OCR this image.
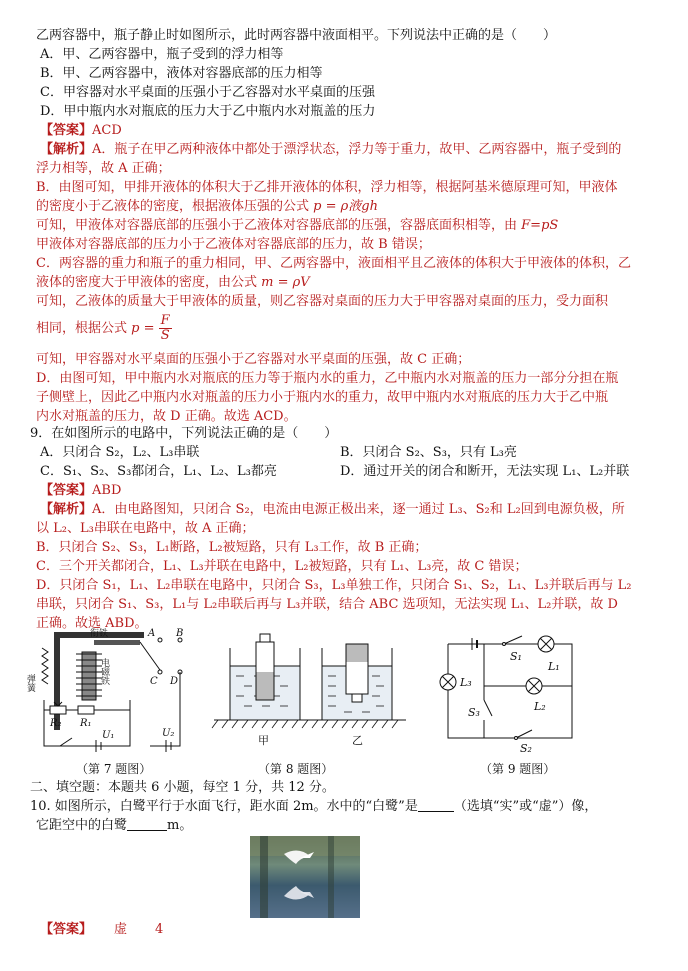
乙两容器中，瓶子静止时如图所示，此时两容器中液面相平。下列说法中正确的是（　　）
A．甲、乙两容器中，瓶子受到的浮力相等
B．甲、乙两容器中，液体对容器底部的压力相等
C．甲容器对水平桌面的压强小于乙容器对水平桌面的压强
D．甲中瓶内水对瓶底的压力大于乙中瓶内水对瓶盖的压力
【答案】ACD
【解析】A．瓶子在甲乙两种液体中都处于漂浮状态，浮力等于重力，故甲、乙两容器中，瓶子受到的
浮力相等，故 A 正确；
B．由图可知，甲排开液体的体积大于乙排开液体的体积，浮力相等，根据阿基米德原理可知，甲液体
的密度小于乙液体的密度，根据液体压强的公式 p = ρ液gh
可知，甲液体对容器底部的压强小于乙液体对容器底部的压强，容器底面积相等，由 F=pS
甲液体对容器底部的压力小于乙液体对容器底部的压力，故 B 错误；
C．两容器的重力和瓶子的重力相同，甲、乙两容器中，液面相平且乙液体的体积大于甲液体的体积，乙
液体的密度大于甲液体的密度，由公式 m = ρV
可知，乙液体的质量大于甲液体的质量，则乙容器对桌面的压力大于甲容器对桌面的压力，受力面积
相同，根据公式 $p = \frac{F}{S}$
可知，甲容器对水平桌面的压强小于乙容器对水平桌面的压强，故 C 正确；
D．由图可知，甲中瓶内水对瓶底的压力等于瓶内水的重力，乙中瓶内水对瓶盖的压力一部分分担在瓶
子侧壁上，因此乙中瓶内水对瓶盖的压力小于瓶内水的重力，故甲中瓶内水对瓶底的压力大于乙中瓶
内水对瓶盖的压力，故 D 正确。故选 ACD。
9．在如图所示的电路中，下列说法正确的是（　　）
A．只闭合 S₂，L₂、L₃串联	B．只闭合 S₂、S₃，只有 L₃亮
C．S₁、S₂、S₃都闭合，L₁、L₂、L₃都亮	D．通过开关的闭合和断开，无法实现 L₁、L₂并联
【答案】ABD
【解析】A．由电路图知，只闭合 S₂，电流由电源正极出来，逐一通过 L₃、S₂和 L₂回到电源负极，所
以 L₂、L₃串联在电路中，故 A 正确；
B．只闭合 S₂、S₃，L₁断路，L₂被短路，只有 L₃工作，故 B 正确；
C．三个开关都闭合，L₁、L₃并联在电路中，L₂被短路，只有 L₁、L₃亮，故 C 错误；
D．只闭合 S₁，L₁、L₂串联在电路中，只闭合 S₃，L₃单独工作，只闭合 S₁、S₂，L₁、L₃并联后再与 L₂
串联，只闭合 S₁、S₃，L₁与 L₂串联后再与 L₃并联，结合 ABC 选项知，无法实现 L₁、L₂并联，故 D
正确。故选 ABD。
衔铁
弹簧	电磁铁
A B
C D
R₂ R₁
U₁	U₂
（第 7 题图）
甲	乙
（第 8 题图）
L₃
S₁
L₁
L₂
S₃
S₂
（第 9 题图）
二、填空题：本题共 6 小题，每空 1 分，共 12 分。
10. 如图所示，白鹭平行于水面飞行，距水面 2m。水中的“白鹭”是	（选填“实”或“虚”）像，
它距空中的白鹭	m。
【答案】 虚 4
